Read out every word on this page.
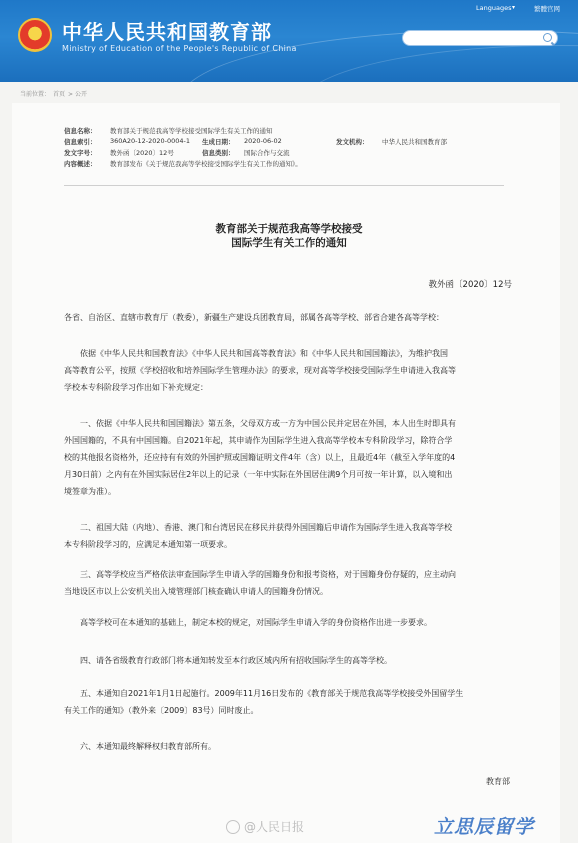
中华人民共和国教育部
Ministry of Education of the People's Republic of China
Languages ▾	繁體官网
当前位置： 首页 > 公开
信息名称： 教育部关于规范我高等学校接受国际学生有关工作的通知
信息索引： 360A20-12-2020-0004-1 生成日期： 2020-06-02	发文机构： 中华人民共和国教育部
发文字号： 教外函〔2020〕12号	信息类别： 国际合作与交流
内容概述： 教育部发布《关于规范我高等学校接受国际学生有关工作的通知》。
教育部关于规范我高等学校接受
国际学生有关工作的通知
教外函〔2020〕12号
各省、自治区、直辖市教育厅（教委），新疆生产建设兵团教育局，部属各高等学校、部省合建各高等学校：
　　依据《中华人民共和国教育法》《中华人民共和国高等教育法》和《中华人民共和国国籍法》，为维护我国
高等教育公平，按照《学校招收和培养国际学生管理办法》的要求，现对高等学校接受国际学生申请进入我高等
学校本专科阶段学习作出如下补充规定：
　　一、依据《中华人民共和国国籍法》第五条，父母双方或一方为中国公民并定居在外国，本人出生时即具有
外国国籍的，不具有中国国籍。自2021年起，其申请作为国际学生进入我高等学校本专科阶段学习，除符合学
校的其他报名资格外，还应持有有效的外国护照或国籍证明文件4年（含）以上，且最近4年（截至入学年度的4
月30日前）之内有在外国实际居住2年以上的记录（一年中实际在外国居住满9个月可按一年计算，以入境和出
境签章为准）。
　　二、祖国大陆（内地）、香港、澳门和台湾居民在移民并获得外国国籍后申请作为国际学生进入我高等学校
本专科阶段学习的，应满足本通知第一项要求。
　　三、高等学校应当严格依法审查国际学生申请入学的国籍身份和报考资格，对于国籍身份存疑的，应主动向
当地设区市以上公安机关出入境管理部门核查确认申请人的国籍身份情况。
　　高等学校可在本通知的基础上，制定本校的规定，对国际学生申请入学的身份资格作出进一步要求。
　　四、请各省级教育行政部门将本通知转发至本行政区域内所有招收国际学生的高等学校。
　　五、本通知自2021年1月1日起施行。2009年11月16日发布的《教育部关于规范我高等学校接受外国留学生
有关工作的通知》（教外来〔2009〕83号）同时废止。
　　六、本通知最终解释权归教育部所有。
教育部
@人民日报	立思辰留学
